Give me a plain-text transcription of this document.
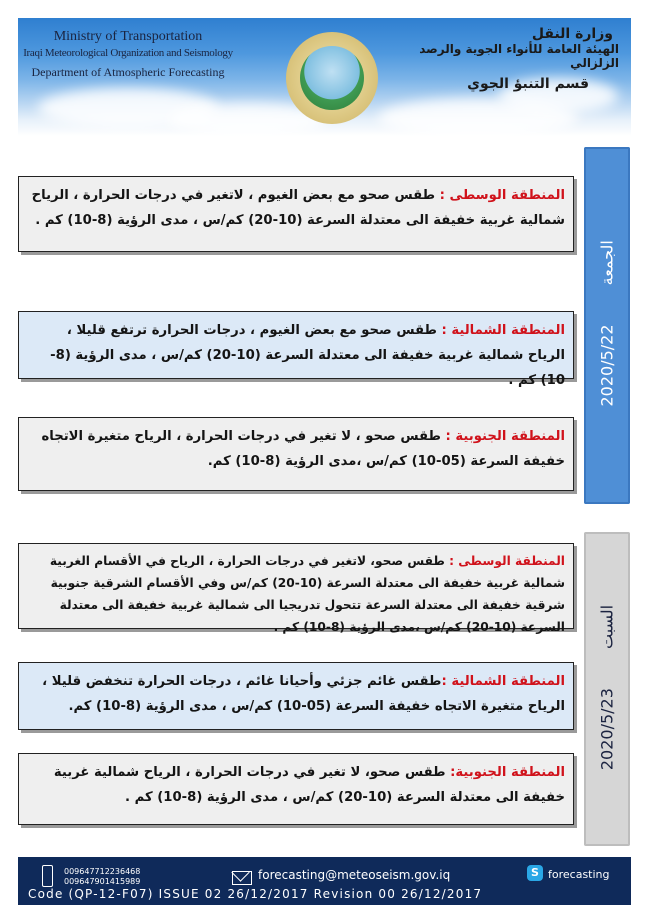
Ministry of Transportation
Iraqi Meteorological Organization and Seismology
Department of Atmospheric Forecasting
وزارة النقل
الهيئة العامة للأنواء الجوية والرصد الزلزالي
قسم التنبؤ الجوي
2020/5/22 الجمعة
2020/5/23 السبت
المنطقة الوسطى : طقس صحو مع بعض الغيوم ، لاتغير في درجات الحرارة ، الرياح شمالية غربية خفيفة الى معتدلة السرعة (10-20) كم/س ، مدى الرؤية (8-10) كم .
المنطقة الشمالية : طقس صحو مع بعض الغيوم ، درجات الحرارة ترتفع قليلا ، الرياح شمالية غربية خفيفة الى معتدلة السرعة (10-20) كم/س ، مدى الرؤية (8-10) كم .
المنطقة الجنوبية : طقس صحو ، لا تغير في درجات الحرارة ، الرياح متغيرة الاتجاه خفيفة السرعة (05-10) كم/س ،مدى الرؤية (8-10) كم.
المنطقة الوسطى : طقس صحو، لاتغير في درجات الحرارة ، الرياح في الأقسام الغربية شمالية غربية خفيفة الى معتدلة السرعة (10-20) كم/س وفي الأقسام الشرقية جنوبية شرقية خفيفة الى معتدلة السرعة تتحول تدريجيا الى شمالية غربية خفيفة الى معتدلة السرعة (10-20) كم/س ،مدى الرؤية (8-10) كم .
المنطقة الشمالية :طقس غائم جزئي وأحيانا غائم ، درجات الحرارة تنخفض قليلا ، الرياح متغيرة الاتجاه خفيفة السرعة (05-10) كم/س ، مدى الرؤية (8-10) كم.
المنطقة الجنوبية: طقس صحو، لا تغير في درجات الحرارة ، الرياح شمالية غربية خفيفة الى معتدلة السرعة (10-20) كم/س ، مدى الرؤية (8-10) كم .
009647712236468
009647901415989	forecasting@meteoseism.gov.iq	S forecasting
Code (QP-12-F07) ISSUE 02 26/12/2017 Revision 00 26/12/2017
